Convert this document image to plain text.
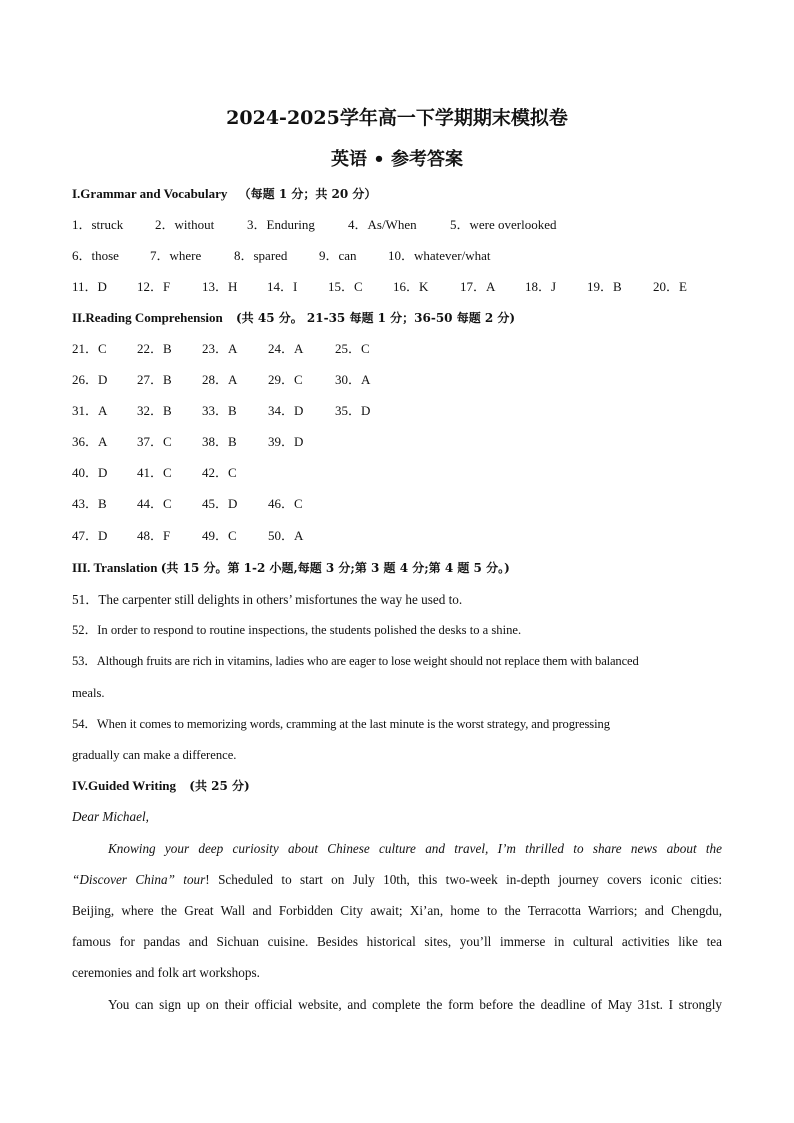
2024-2025学年高一下学期期末模拟卷
英语 • 参考答案
I.Grammar and Vocabulary （每题 1 分；共 20 分）
1．struck 2．without	3．Enduring	4．As/When	5．were overlooked
6．those 7．where	8．spared 9．can 10．whatever/what
11．D 12．F 13．H 14．I 15．C 16．K 17．A 18．J 19．B 20．E
II.Reading Comprehension (共 45 分。 21-35 每题 1 分；36-50 每题 2 分)
21．C 22．B 23．A 24．A 25．C
26．D 27．B 28．A 29．C 30．A
31．A 32．B 33．B 34．D 35．D
36．A 37．C 38．B 39．D
40．D 41．C 42．C
43．B 44．C 45．D 46．C
47．D 48．F 49．C 50．A
III. Translation (共 15 分。第 1-2 小题,每题 3 分;第 3 题 4 分;第 4 题 5 分。)
51．The carpenter still delights in others’ misfortunes the way he used to.
52．In order to respond to routine inspections, the students polished the desks to a shine.
53．Although fruits are rich in vitamins, ladies who are eager to lose weight should not replace them with balanced
meals.
54．When it comes to memorizing words, cramming at the last minute is the worst strategy, and progressing
gradually can make a difference.
IV.Guided Writing (共 25 分)
Dear Michael,
Knowing your deep curiosity about Chinese culture and travel, I’m thrilled to share news about the
“Discover China” tour! Scheduled to start on July 10th, this two-week in-depth journey covers iconic cities:
Beijing, where the Great Wall and Forbidden City await; Xi’an, home to the Terracotta Warriors; and Chengdu,
famous for pandas and Sichuan cuisine. Besides historical sites, you’ll immerse in cultural activities like tea
ceremonies and folk art workshops.
You can sign up on their official website, and complete the form before the deadline of May 31st. I strongly
